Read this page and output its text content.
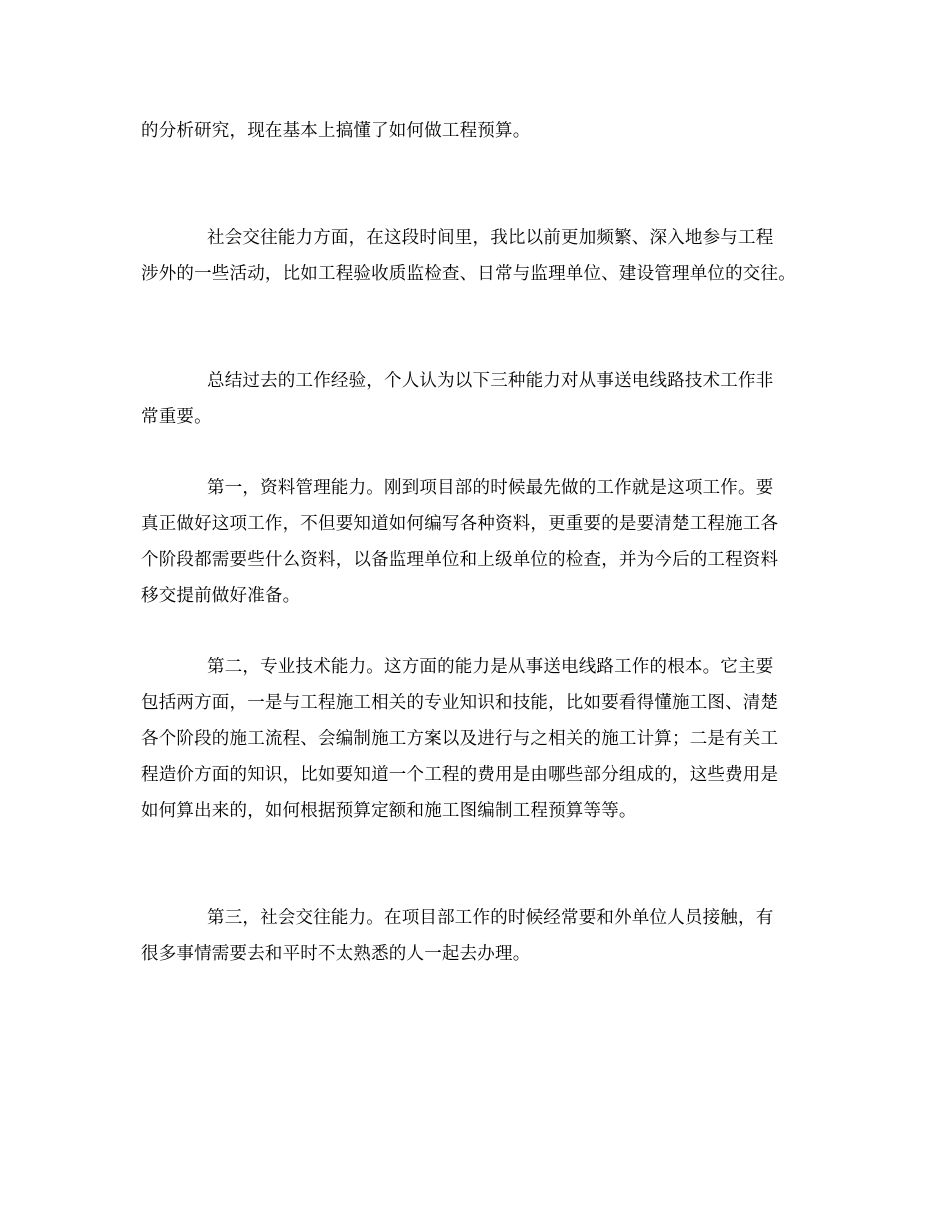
的分析研究，现在基本上搞懂了如何做工程预算。
社会交往能力方面，在这段时间里，我比以前更加频繁、深入地参与工程
涉外的一些活动，比如工程验收质监检查、日常与监理单位、建设管理单位的交往。
总结过去的工作经验，个人认为以下三种能力对从事送电线路技术工作非
常重要。
第一，资料管理能力。刚到项目部的时候最先做的工作就是这项工作。要
真正做好这项工作，不但要知道如何编写各种资料，更重要的是要清楚工程施工各
个阶段都需要些什么资料，以备监理单位和上级单位的检查，并为今后的工程资料
移交提前做好准备。
第二，专业技术能力。这方面的能力是从事送电线路工作的根本。它主要
包括两方面，一是与工程施工相关的专业知识和技能，比如要看得懂施工图、清楚
各个阶段的施工流程、会编制施工方案以及进行与之相关的施工计算；二是有关工
程造价方面的知识，比如要知道一个工程的费用是由哪些部分组成的，这些费用是
如何算出来的，如何根据预算定额和施工图编制工程预算等等。
第三，社会交往能力。在项目部工作的时候经常要和外单位人员接触，有
很多事情需要去和平时不太熟悉的人一起去办理。
